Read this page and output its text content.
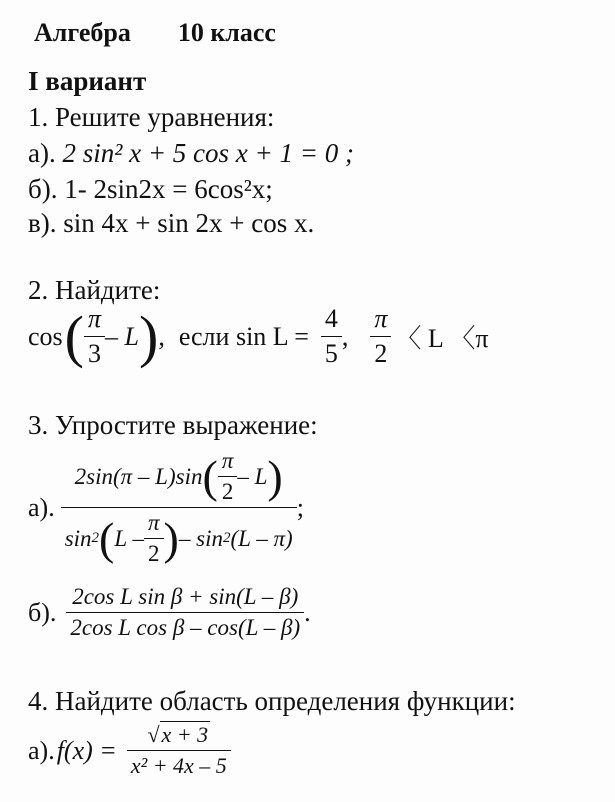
Алгебра 10 класс
I вариант
1. Решите уравнения:
а). 2 sin² x + 5 cos x + 1 = 0 ;
б). 1- 2sin2x = 6cos²x;
в). sin 4x + sin 2x + cos x.
2. Найдите:
cos ( $\frac{\pi}{3}$ – L ) , если $\sin L = \frac{4}{5}$ , $\frac{\pi}{2}$ 〈 L 〈π
3. Упростите выражение:
а).
2sin(π – L)sin ( $\frac{\pi}{2}$ – L )
sin 2 ( L – $\frac{\pi}{2}$ ) – sin 2 (L – π)
;
б). $\frac{\text{2cos L sin β + sin(L – β)}}{\text{2cos L cos β – cos(L – β)}}$ .
4. Найдите область определения функции:
а). $f(x) = \frac{√x + 3}{\text{x² + 4x – 5}}$
